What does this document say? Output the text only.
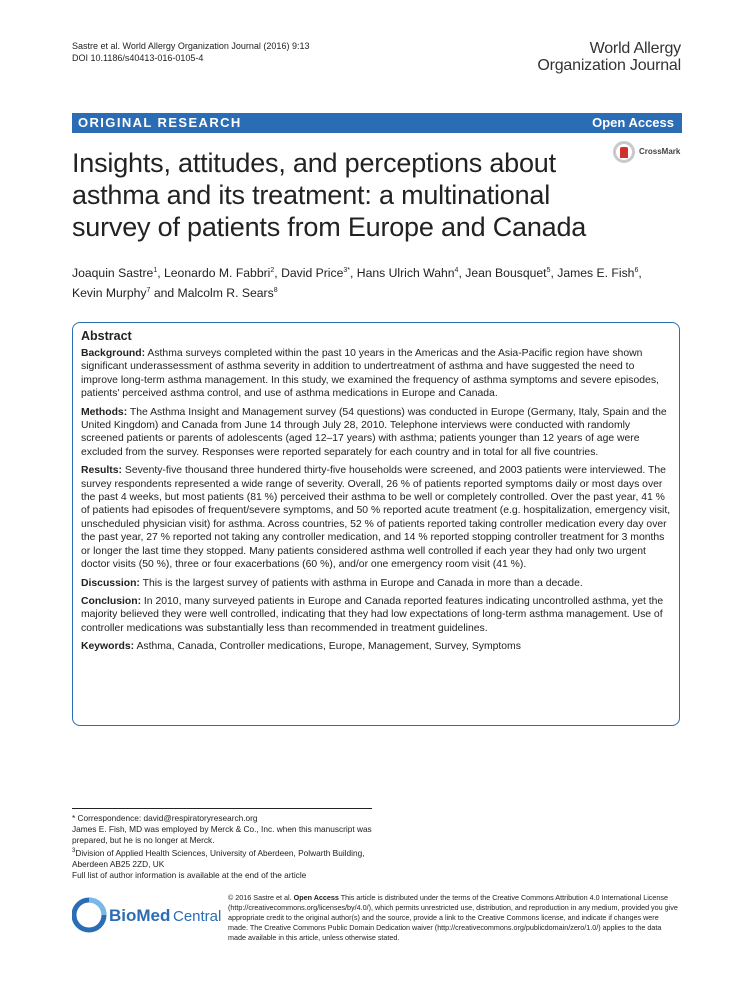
Sastre et al. World Allergy Organization Journal (2016) 9:13
DOI 10.1186/s40413-016-0105-4
World Allergy
Organization Journal
ORIGINAL RESEARCH	Open Access
Insights, attitudes, and perceptions about asthma and its treatment: a multinational survey of patients from Europe and Canada
CrossMark
Joaquin Sastre$^1$, Leonardo M. Fabbri$^2$, David Price$^{3*}$, Hans Ulrich Wahn$^4$, Jean Bousquet$^5$, James E. Fish$^6$,
Kevin Murphy$^7$ and Malcolm R. Sears$^8$
Abstract

Background: Asthma surveys completed within the past 10 years in the Americas and the Asia-Pacific region have shown significant underassessment of asthma severity in addition to undertreatment of asthma and have suggested the need to improve long-term asthma management. In this study, we examined the frequency of asthma symptoms and severe episodes, patients' perceived asthma control, and use of asthma medications in Europe and Canada.

Methods: The Asthma Insight and Management survey (54 questions) was conducted in Europe (Germany, Italy, Spain and the United Kingdom) and Canada from June 14 through July 28, 2010. Telephone interviews were conducted with randomly screened patients or parents of adolescents (aged 12–17 years) with asthma; patients younger than 12 years of age were excluded from the survey. Responses were reported separately for each country and in total for all five countries.

Results: Seventy-five thousand three hundered thirty-five households were screened, and 2003 patients were interviewed. The survey respondents represented a wide range of severity. Overall, 26 % of patients reported symptoms daily or most days over the past 4 weeks, but most patients (81 %) perceived their asthma to be well or completely controlled. Over the past year, 41 % of patients had episodes of frequent/severe symptoms, and 50 % reported acute treatment (e.g. hospitalization, emergency visit, unscheduled physician visit) for asthma. Across countries, 52 % of patients reported taking controller medication every day over the past year, 27 % reported not taking any controller medication, and 14 % reported stopping controller treatment for 3 months or longer the last time they stopped. Many patients considered asthma well controlled if each year they had only two urgent doctor visits (50 %), three or four exacerbations (60 %), and/or one emergency room visit (41 %).

Discussion: This is the largest survey of patients with asthma in Europe and Canada in more than a decade.

Conclusion: In 2010, many surveyed patients in Europe and Canada reported features indicating uncontrolled asthma, yet the majority believed they were well controlled, indicating that they had low expectations of long-term asthma management. Use of controller medications was substantially less than recommended in treatment guidelines.

Keywords: Asthma, Canada, Controller medications, Europe, Management, Survey, Symptoms

* Correspondence: david@respiratoryresearch.org
James E. Fish, MD was employed by Merck & Co., Inc. when this manuscript was prepared, but he is no longer at Merck.
$^3$Division of Applied Health Sciences, University of Aberdeen, Polwarth Building, Aberdeen AB25 2ZD, UK
Full list of author information is available at the end of the article
BioMed Central
© 2016 Sastre et al. Open Access This article is distributed under the terms of the Creative Commons Attribution 4.0 International License (http://creativecommons.org/licenses/by/4.0/), which permits unrestricted use, distribution, and reproduction in any medium, provided you give appropriate credit to the original author(s) and the source, provide a link to the Creative Commons license, and indicate if changes were made. The Creative Commons Public Domain Dedication waiver (http://creativecommons.org/publicdomain/zero/1.0/) applies to the data made available in this article, unless otherwise stated.
